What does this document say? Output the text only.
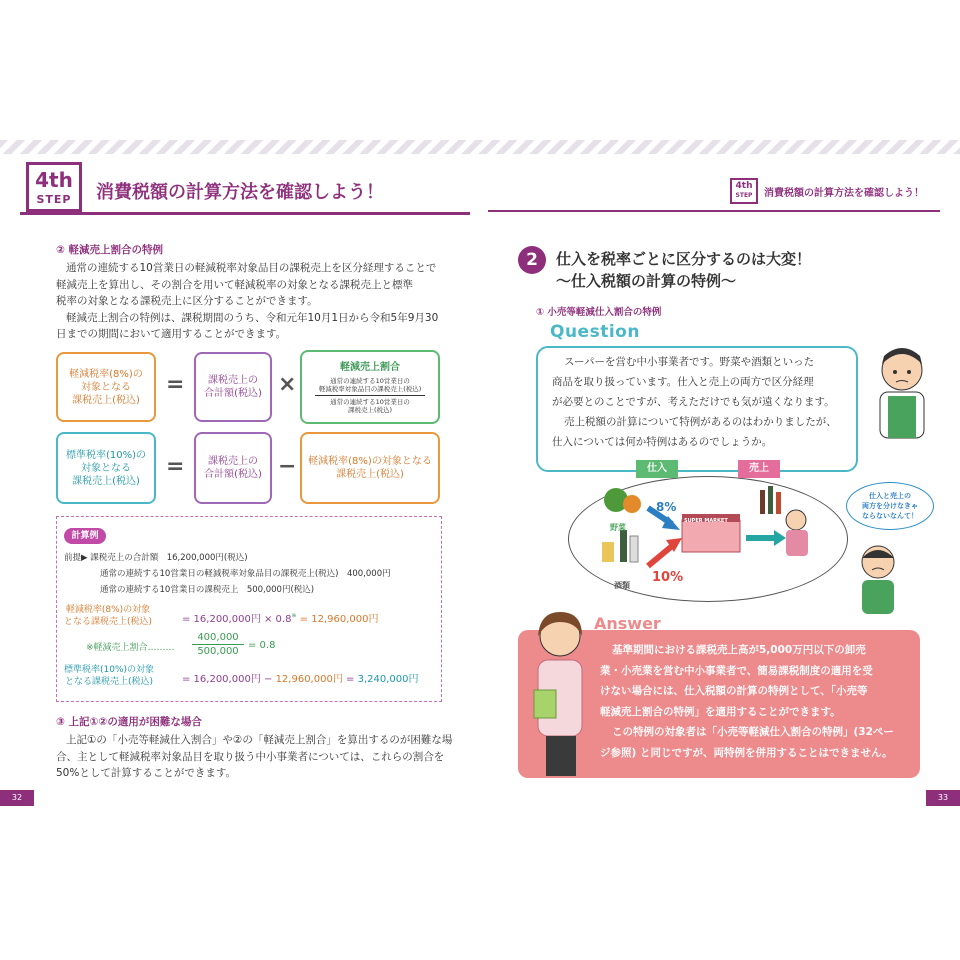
4th
STEP	消費税額の計算方法を確認しよう！	4th
STEP	消費税額の計算方法を確認しよう！
② 軽減売上割合の特例
通常の連続する10営業日の軽減税率対象品目の課税売上を区分経理することで
軽減売上を算出し、その割合を用いて軽減税率の対象となる課税売上と標準
税率の対象となる課税売上に区分することができます。
軽減売上割合の特例は、課税期間のうち、令和元年10月1日から令和5年9月30
日までの期間において適用することができます。
軽減税率(8%)の
対象となる
課税売上(税込)
=	課税売上の
合計額(税込) ×
軽減売上割合
通常の連続する10営業日の
軽減税率対象品目の課税売上(税込)
通常の連続する10営業日の
課税売上(税込)
標準税率(10%)の
対象となる
課税売上(税込)
=	課税売上の
合計額(税込) − 軽減税率(8%)の対象となる
課税売上(税込)
計算例
前提▶ 課税売上の合計額　16,200,000円(税込)
通常の連続する10営業日の軽減税率対象品目の課税売上(税込)　400,000円
通常の連続する10営業日の課税売上　500,000円(税込)
軽減税率(8%)の対象
となる課税売上(税込)	= 16,200,000円 × 0.8※ = 12,960,000円
※軽減売上割合………
400,000
500,000
= 0.8
標準税率(10%)の対象
となる課税売上(税込)	= 16,200,000円 − 12,960,000円 = 3,240,000円
③ 上記①②の適用が困難な場合
上記①の「小売等軽減仕入割合」や②の「軽減売上割合」を算出するのが困難な場
合、主として軽減税率対象品目を取り扱う中小事業者については、これらの割合を
50%として計算することができます。
32
2	仕入を税率ごとに区分するのは大変！
～仕入税額の計算の特例～
① 小売等軽減仕入割合の特例
Question
スーパーを営む中小事業者です。野菜や酒類といった
商品を取り扱っています。仕入と売上の両方で区分経理
が必要とのことですが、考えただけでも気が遠くなります。
売上税額の計算について特例があるのはわかりましたが、
仕入については何か特例はあるのでしょうか。
仕入	売上
8%
10%
野菜
酒類
SUPER MARKET
仕入と売上の
両方を分けなきゃ
ならないなんて！
Answer
基準期間における課税売上高が5,000万円以下の卸売
業・小売業を営む中小事業者で、簡易課税制度の適用を受
けない場合には、仕入税額の計算の特例として、「小売等
軽減売上割合の特例」を適用することができます。
この特例の対象者は「小売等軽減仕入割合の特例」(32ペー
ジ参照) と同じですが、両特例を併用することはできません。
33
